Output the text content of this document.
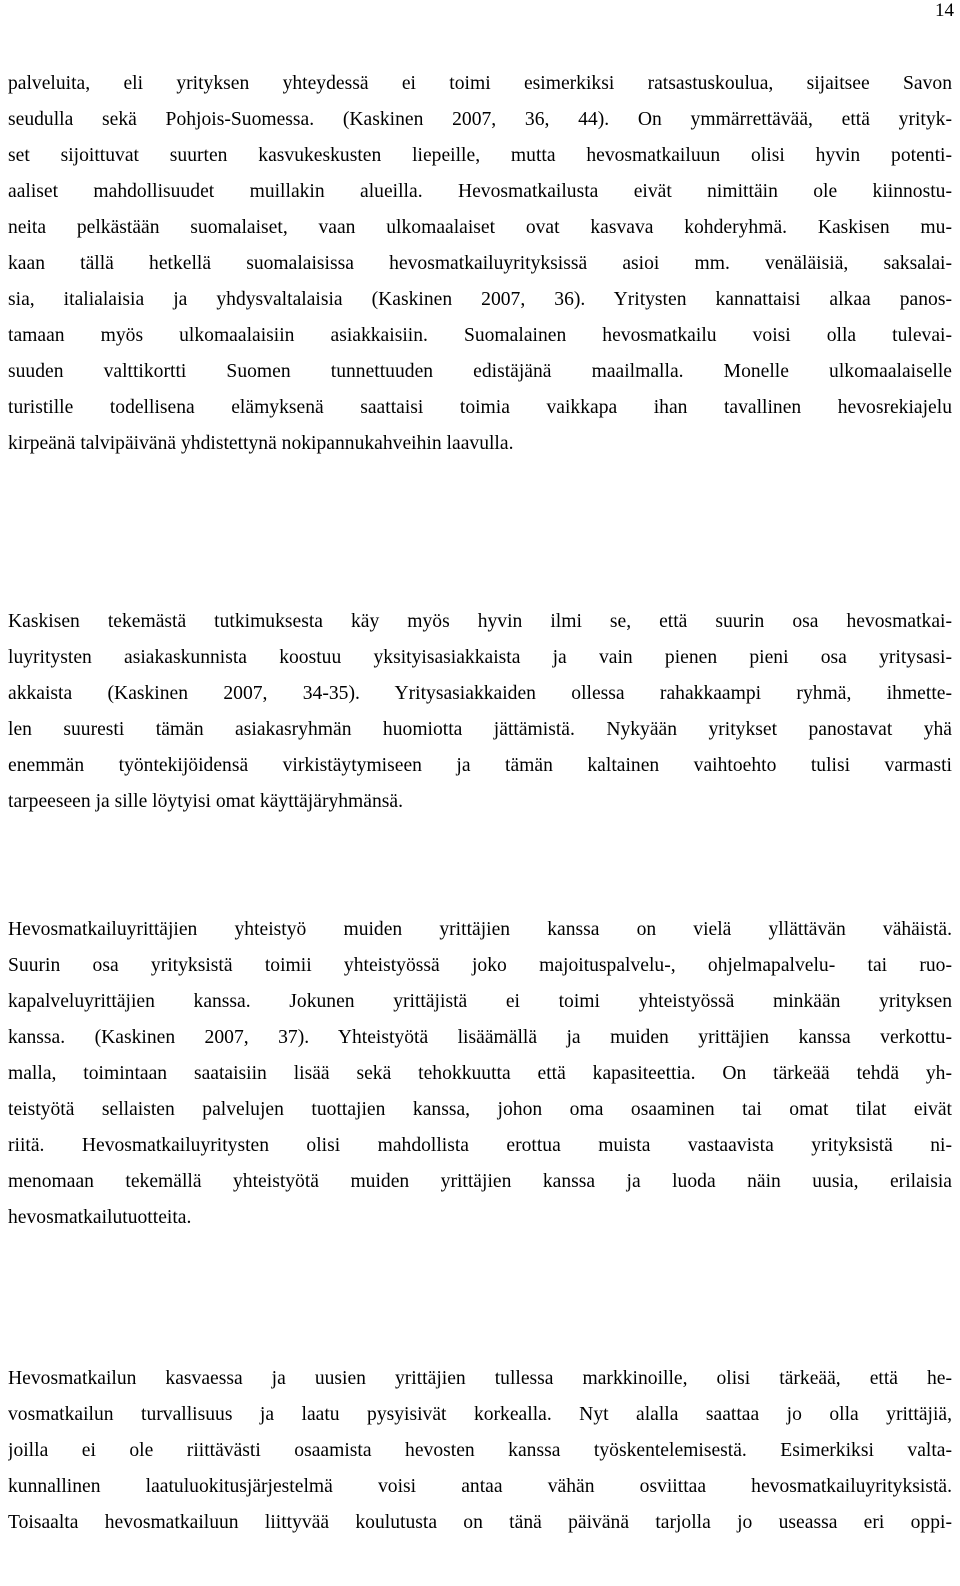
14
palveluita, eli yrityksen yhteydessä ei toimi esimerkiksi ratsastuskoulua, sijaitsee Savon
seudulla sekä Pohjois-Suomessa. (Kaskinen 2007, 36, 44). On ymmärrettävää, että yrityk-
set sijoittuvat suurten kasvukeskusten liepeille, mutta hevosmatkailuun olisi hyvin potenti-
aaliset mahdollisuudet muillakin alueilla. Hevosmatkailusta eivät nimittäin ole kiinnostu-
neita pelkästään suomalaiset, vaan ulkomaalaiset ovat kasvava kohderyhmä. Kaskisen mu-
kaan tällä hetkellä suomalaisissa hevosmatkailuyrityksissä asioi mm. venäläisiä, saksalai-
sia, italialaisia ja yhdysvaltalaisia (Kaskinen 2007, 36). Yritysten kannattaisi alkaa panos-
tamaan myös ulkomaalaisiin asiakkaisiin. Suomalainen hevosmatkailu voisi olla tulevai-
suuden valttikortti Suomen tunnettuuden edistäjänä maailmalla. Monelle ulkomaalaiselle
turistille todellisena elämyksenä saattaisi toimia vaikkapa ihan tavallinen hevosrekiajelu
kirpeänä talvipäivänä yhdistettynä nokipannukahveihin laavulla.
Kaskisen tekemästä tutkimuksesta käy myös hyvin ilmi se, että suurin osa hevosmatkai-
luyritysten asiakaskunnista koostuu yksityisasiakkaista ja vain pienen pieni osa yritysasi-
akkaista (Kaskinen 2007, 34-35). Yritysasiakkaiden ollessa rahakkaampi ryhmä, ihmette-
len suuresti tämän asiakasryhmän huomiotta jättämistä. Nykyään yritykset panostavat yhä
enemmän työntekijöidensä virkistäytymiseen ja tämän kaltainen vaihtoehto tulisi varmasti
tarpeeseen ja sille löytyisi omat käyttäjäryhmänsä.
Hevosmatkailuyrittäjien yhteistyö muiden yrittäjien kanssa on vielä yllättävän vähäistä.
Suurin osa yrityksistä toimii yhteistyössä joko majoituspalvelu-, ohjelmapalvelu- tai ruo-
kapalveluyrittäjien kanssa. Jokunen yrittäjistä ei toimi yhteistyössä minkään yrityksen
kanssa. (Kaskinen 2007, 37). Yhteistyötä lisäämällä ja muiden yrittäjien kanssa verkottu-
malla, toimintaan saataisiin lisää sekä tehokkuutta että kapasiteettia. On tärkeää tehdä yh-
teistyötä sellaisten palvelujen tuottajien kanssa, johon oma osaaminen tai omat tilat eivät
riitä. Hevosmatkailuyritysten olisi mahdollista erottua muista vastaavista yrityksistä ni-
menomaan tekemällä yhteistyötä muiden yrittäjien kanssa ja luoda näin uusia, erilaisia
hevosmatkailutuotteita.
Hevosmatkailun kasvaessa ja uusien yrittäjien tullessa markkinoille, olisi tärkeää, että he-
vosmatkailun turvallisuus ja laatu pysyisivät korkealla. Nyt alalla saattaa jo olla yrittäjiä,
joilla ei ole riittävästi osaamista hevosten kanssa työskentelemisestä. Esimerkiksi valta-
kunnallinen laatuluokitusjärjestelmä voisi antaa vähän osviittaa hevosmatkailuyrityksistä.
Toisaalta hevosmatkailuun liittyvää koulutusta on tänä päivänä tarjolla jo useassa eri oppi-
